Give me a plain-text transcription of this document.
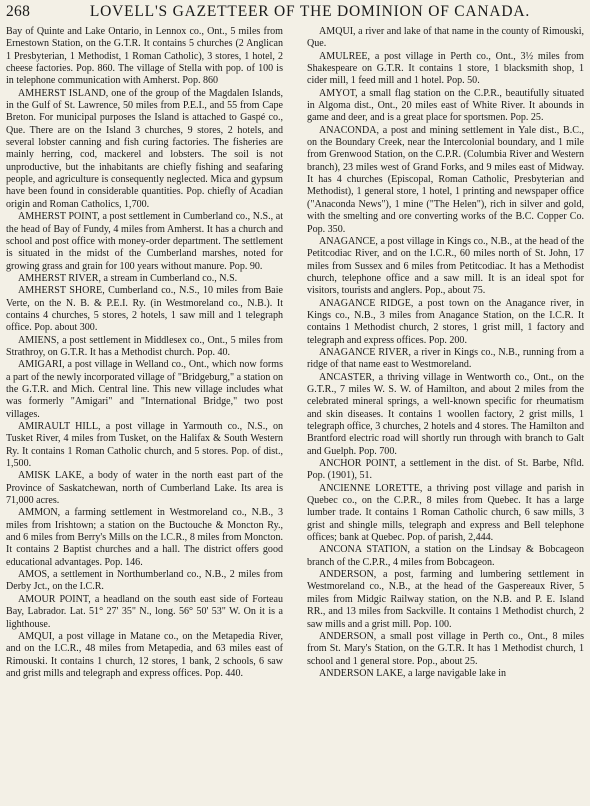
268	LOVELL'S GAZETTEER OF THE DOMINION OF CANADA.

Bay of Quinte and Lake Ontario, in Lennox co., Ont., 5 miles from Ernestown Station, on the G.T.R. It contains 5 churches (2 Anglican 1 Presbyterian, 1 Methodist, 1 Roman Catholic), 3 stores, 1 hotel, 2 cheese factories. Pop. 860. The village of Stella with pop. of 100 is in telephone communication with Amherst. Pop. 860

AMHERST ISLAND, one of the group of the Magdalen Islands, in the Gulf of St. Lawrence, 50 miles from P.E.I., and 55 from Cape Breton. For municipal purposes the Island is attached to Gaspé co., Que. There are on the Island 3 churches, 9 stores, 2 hotels, and several lobster canning and fish curing factories. The fisheries are mainly herring, cod, mackerel and lobsters. The soil is not unproductive, but the inhabitants are chiefly fishing and seafaring people, and agriculture is consequently neglected. Mica and gypsum have been found in considerable quantities. Pop. chiefly of Acadian origin and Roman Catholics, 1,700.

AMHERST POINT, a post settlement in Cumberland co., N.S., at the head of Bay of Fundy, 4 miles from Amherst. It has a church and school and post office with money-order department. The settlement is situated in the midst of the Cumberland marshes, noted for growing grass and grain for 100 years without manure. Pop. 90.

AMHERST RIVER, a stream in Cumberland co., N.S.

AMHERST SHORE, Cumberland co., N.S., 10 miles from Baie Verte, on the N. B. & P.E.I. Ry. (in Westmoreland co., N.B.). It contains 4 churches, 5 stores, 2 hotels, 1 saw mill and 1 telegraph office. Pop. about 300.

AMIENS, a post settlement in Middlesex co., Ont., 5 miles from Strathroy, on G.T.R. It has a Methodist church. Pop. 40.

AMIGARI, a post village in Welland co., Ont., which now forms a part of the newly incorporated village of "Bridgeburg," a station on the G.T.R. and Mich. Central line. This new village includes what was formerly "Amigari" and "International Bridge," two post villages.

AMIRAULT HILL, a post village in Yarmouth co., N.S., on Tusket River, 4 miles from Tusket, on the Halifax & South Western Ry. It contains 1 Roman Catholic church, and 5 stores. Pop. of dist., 1,500.

AMISK LAKE, a body of water in the north east part of the Province of Saskatchewan, north of Cumberland Lake. Its area is 71,000 acres.

AMMON, a farming settlement in Westmoreland co., N.B., 3 miles from Irishtown; a station on the Buctouche & Moncton Ry., and 6 miles from Berry's Mills on the I.C.R., 8 miles from Moncton. It contains 2 Baptist churches and a hall. The district offers good educational advantages. Pop. 146.

AMOS, a settlement in Northumberland co., N.B., 2 miles from Derby Jct., on the I.C.R.

AMOUR POINT, a headland on the south east side of Forteau Bay, Labrador. Lat. 51° 27' 35" N., long. 56° 50' 53" W. On it is a lighthouse.

AMQUI, a post village in Matane co., on the Metapedia River, and on the I.C.R., 48 miles from Metapedia, and 63 miles east of Rimouski. It contains 1 church, 12 stores, 1 bank, 2 schools, 6 saw and grist mills and telegraph and express offices. Pop. 440.

AMQUI, a river and lake of that name in the county of Rimouski, Que.

AMULREE, a post village in Perth co., Ont., 3½ miles from Shakespeare on G.T.R. It contains 1 store, 1 blacksmith shop, 1 cider mill, 1 feed mill and 1 hotel. Pop. 50.

AMYOT, a small flag station on the C.P.R., beautifully situated in Algoma dist., Ont., 20 miles east of White River. It abounds in game and deer, and is a great place for sportsmen. Pop. 25.

ANACONDA, a post and mining settlement in Yale dist., B.C., on the Boundary Creek, near the Intercolonial boundary, and 1 mile from Grenwood Station, on the C.P.R. (Columbia River and Western branch), 23 miles west of Grand Forks, and 9 miles east of Midway. It has 4 churches (Episcopal, Roman Catholic, Presbyterian and Methodist), 1 general store, 1 hotel, 1 printing and newspaper office ("Anaconda News"), 1 mine ("The Helen"), rich in silver and gold, with the smelting and ore converting works of the B.C. Copper Co. Pop. 350.

ANAGANCE, a post village in Kings co., N.B., at the head of the Petitcodiac River, and on the I.C.R., 60 miles north of St. John, 17 miles from Sussex and 6 miles from Petitcodiac. It has a Methodist church, telephone office and a saw mill. It is an ideal spot for visitors, tourists and anglers. Pop., about 75.

ANAGANCE RIDGE, a post town on the Anagance river, in Kings co., N.B., 3 miles from Anagance Station, on the I.C.R. It contains 1 Methodist church, 2 stores, 1 grist mill, 1 factory and telegraph and express offices. Pop. 200.

ANAGANCE RIVER, a river in Kings co., N.B., running from a ridge of that name east to Westmoreland.

ANCASTER, a thriving village in Wentworth co., Ont., on the G.T.R., 7 miles W. S. W. of Hamilton, and about 2 miles from the celebrated mineral springs, a well-known specific for rheumatism and skin diseases. It contains 1 woollen factory, 2 grist mills, 1 telegraph office, 3 churches, 2 hotels and 4 stores. The Hamilton and Brantford electric road will shortly run through with branch to Galt and Guelph. Pop. 700.

ANCHOR POINT, a settlement in the dist. of St. Barbe, Nfld. Pop. (1901), 51.

ANCIENNE LORETTE, a thriving post village and parish in Quebec co., on the C.P.R., 8 miles from Quebec. It has a large lumber trade. It contains 1 Roman Catholic church, 6 saw mills, 3 grist and shingle mills, telegraph and express and Bell telephone offices; bank at Quebec. Pop. of parish, 2,444.

ANCONA STATION, a station on the Lindsay & Bobcageon branch of the C.P.R., 4 miles from Bobcageon.

ANDERSON, a post, farming and lumbering settlement in Westmoreland co., N.B., at the head of the Gaspereaux River, 5 miles from Midgic Railway station, on the N.B. and P. E. Island RR., and 13 miles from Sackville. It contains 1 Methodist church, 2 saw mills and a grist mill. Pop. 100.

ANDERSON, a small post village in Perth co., Ont., 8 miles from St. Mary's Station, on the G.T.R. It has 1 Methodist church, 1 school and 1 general store. Pop., about 25.

ANDERSON LAKE, a large navigable lake in
